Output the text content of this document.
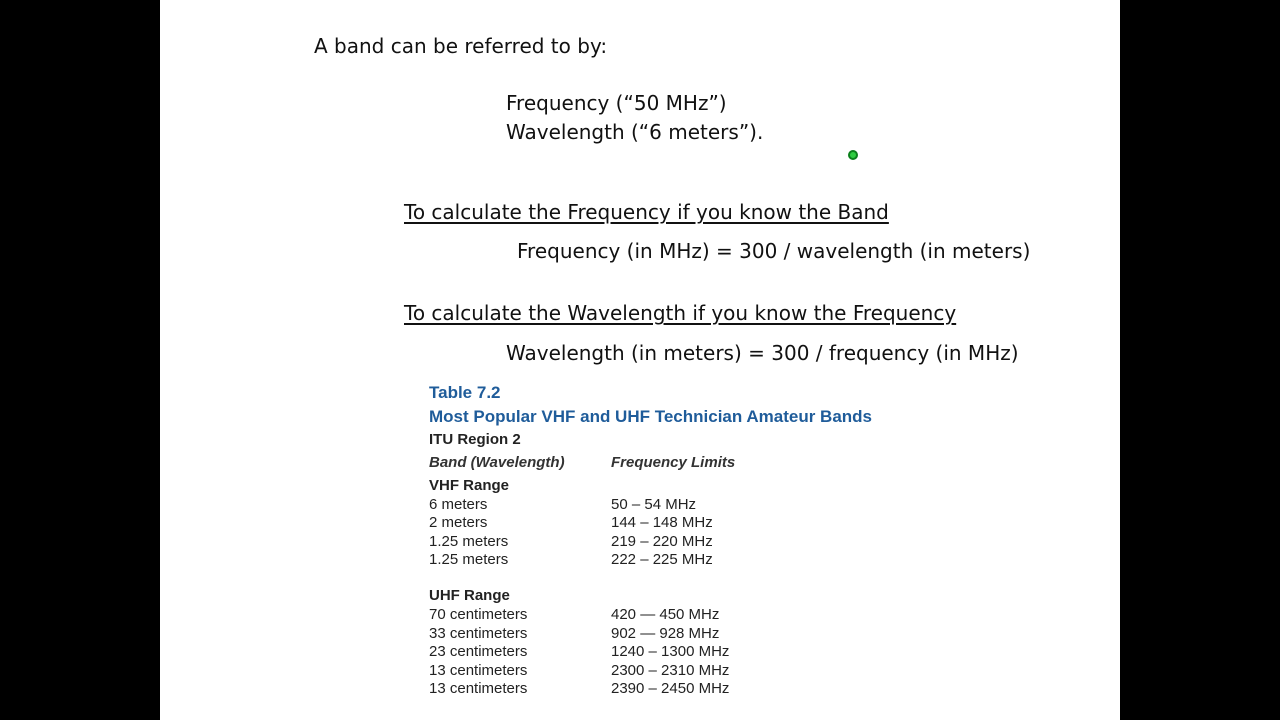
A band can be referred to by:
Frequency (“50 MHz”)
Wavelength (“6 meters”).
To calculate the Frequency if you know the Band
Frequency (in MHz) = 300 / wavelength (in meters)
To calculate the Wavelength if you know the Frequency
Wavelength (in meters) = 300 / frequency (in MHz)
Table 7.2
Most Popular VHF and UHF Technician Amateur Bands
ITU Region 2
Band (Wavelength)	Frequency Limits
VHF Range
6 meters	50 – 54 MHz
2 meters	144 – 148 MHz
1.25 meters	219 – 220 MHz
1.25 meters	222 – 225 MHz
UHF Range
70 centimeters	420 — 450 MHz
33 centimeters	902 — 928 MHz
23 centimeters	1240 – 1300 MHz
13 centimeters	2300 – 2310 MHz
13 centimeters	2390 – 2450 MHz
